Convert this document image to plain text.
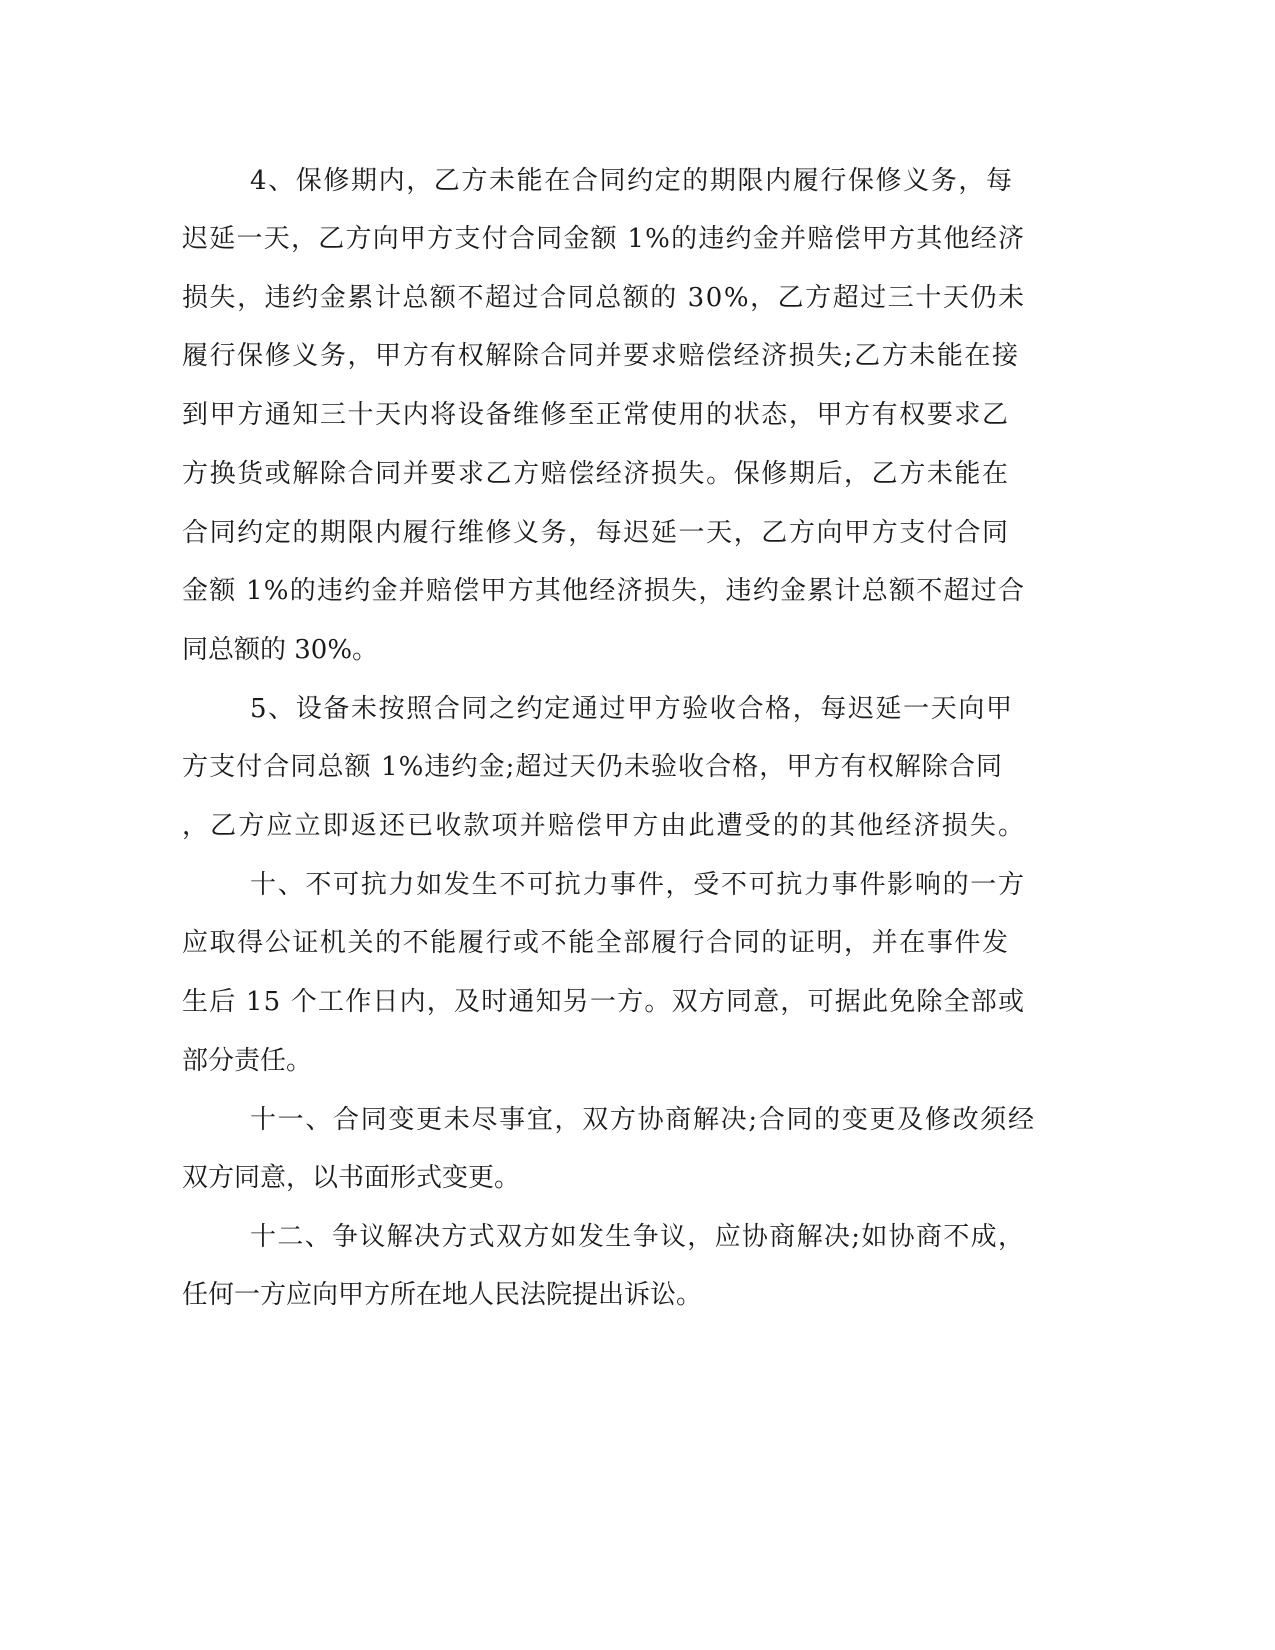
4、保修期内，乙方未能在合同约定的期限内履行保修义务，每
迟延一天，乙方向甲方支付合同金额 1%的违约金并赔偿甲方其他经济
损失，违约金累计总额不超过合同总额的 30%，乙方超过三十天仍未
履行保修义务，甲方有权解除合同并要求赔偿经济损失;乙方未能在接
到甲方通知三十天内将设备维修至正常使用的状态，甲方有权要求乙
方换货或解除合同并要求乙方赔偿经济损失。保修期后，乙方未能在
合同约定的期限内履行维修义务，每迟延一天，乙方向甲方支付合同
金额 1%的违约金并赔偿甲方其他经济损失，违约金累计总额不超过合
同总额的 30%。
5、设备未按照合同之约定通过甲方验收合格，每迟延一天向甲
方支付合同总额 1%违约金;超过天仍未验收合格，甲方有权解除合同
，乙方应立即返还已收款项并赔偿甲方由此遭受的的其他经济损失。
十、不可抗力如发生不可抗力事件，受不可抗力事件影响的一方
应取得公证机关的不能履行或不能全部履行合同的证明，并在事件发
生后 15 个工作日内，及时通知另一方。双方同意，可据此免除全部或
部分责任。
十一、合同变更未尽事宜，双方协商解决;合同的变更及修改须经
双方同意，以书面形式变更。
十二、争议解决方式双方如发生争议，应协商解决;如协商不成，
任何一方应向甲方所在地人民法院提出诉讼。
